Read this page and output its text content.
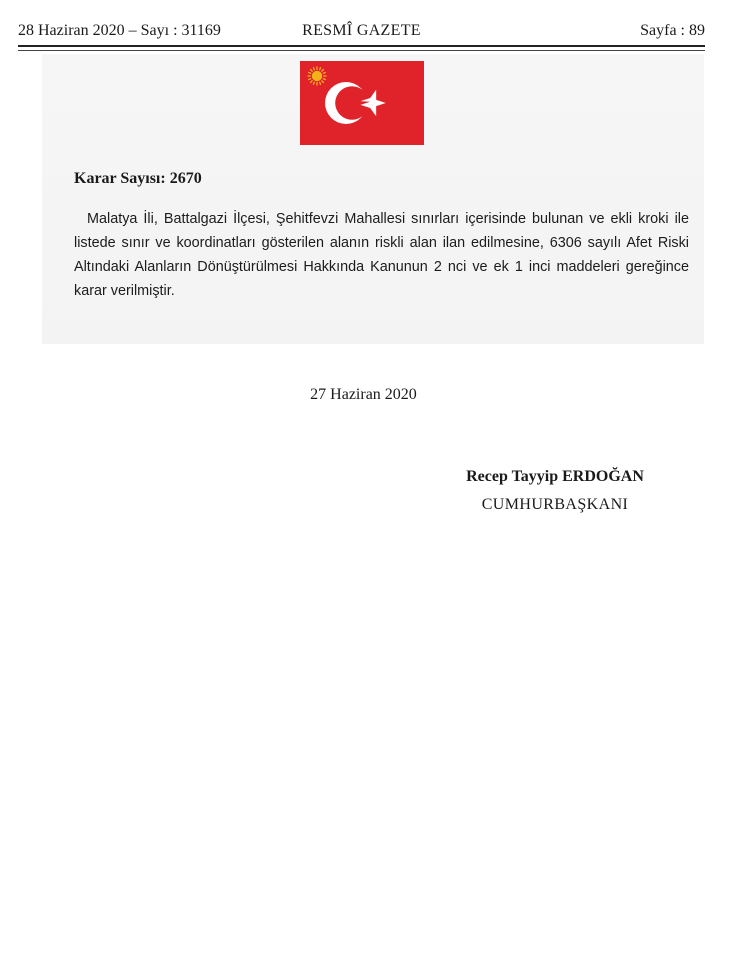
28 Haziran 2020 – Sayı : 31169	RESMÎ GAZETE	Sayfa : 89
Karar Sayısı: 2670
Malatya İli, Battalgazi İlçesi, Şehitfevzi Mahallesi sınırları içerisinde bulunan ve ekli kroki ile listede sınır ve koordinatları gösterilen alanın riskli alan ilan edilmesine, 6306 sayılı Afet Riski Altındaki Alanların Dönüştürülmesi Hakkında Kanunun 2 nci ve ek 1 inci maddeleri gereğince karar verilmiştir.
27 Haziran 2020
Recep Tayyip ERDOĞAN
CUMHURBAŞKANI
